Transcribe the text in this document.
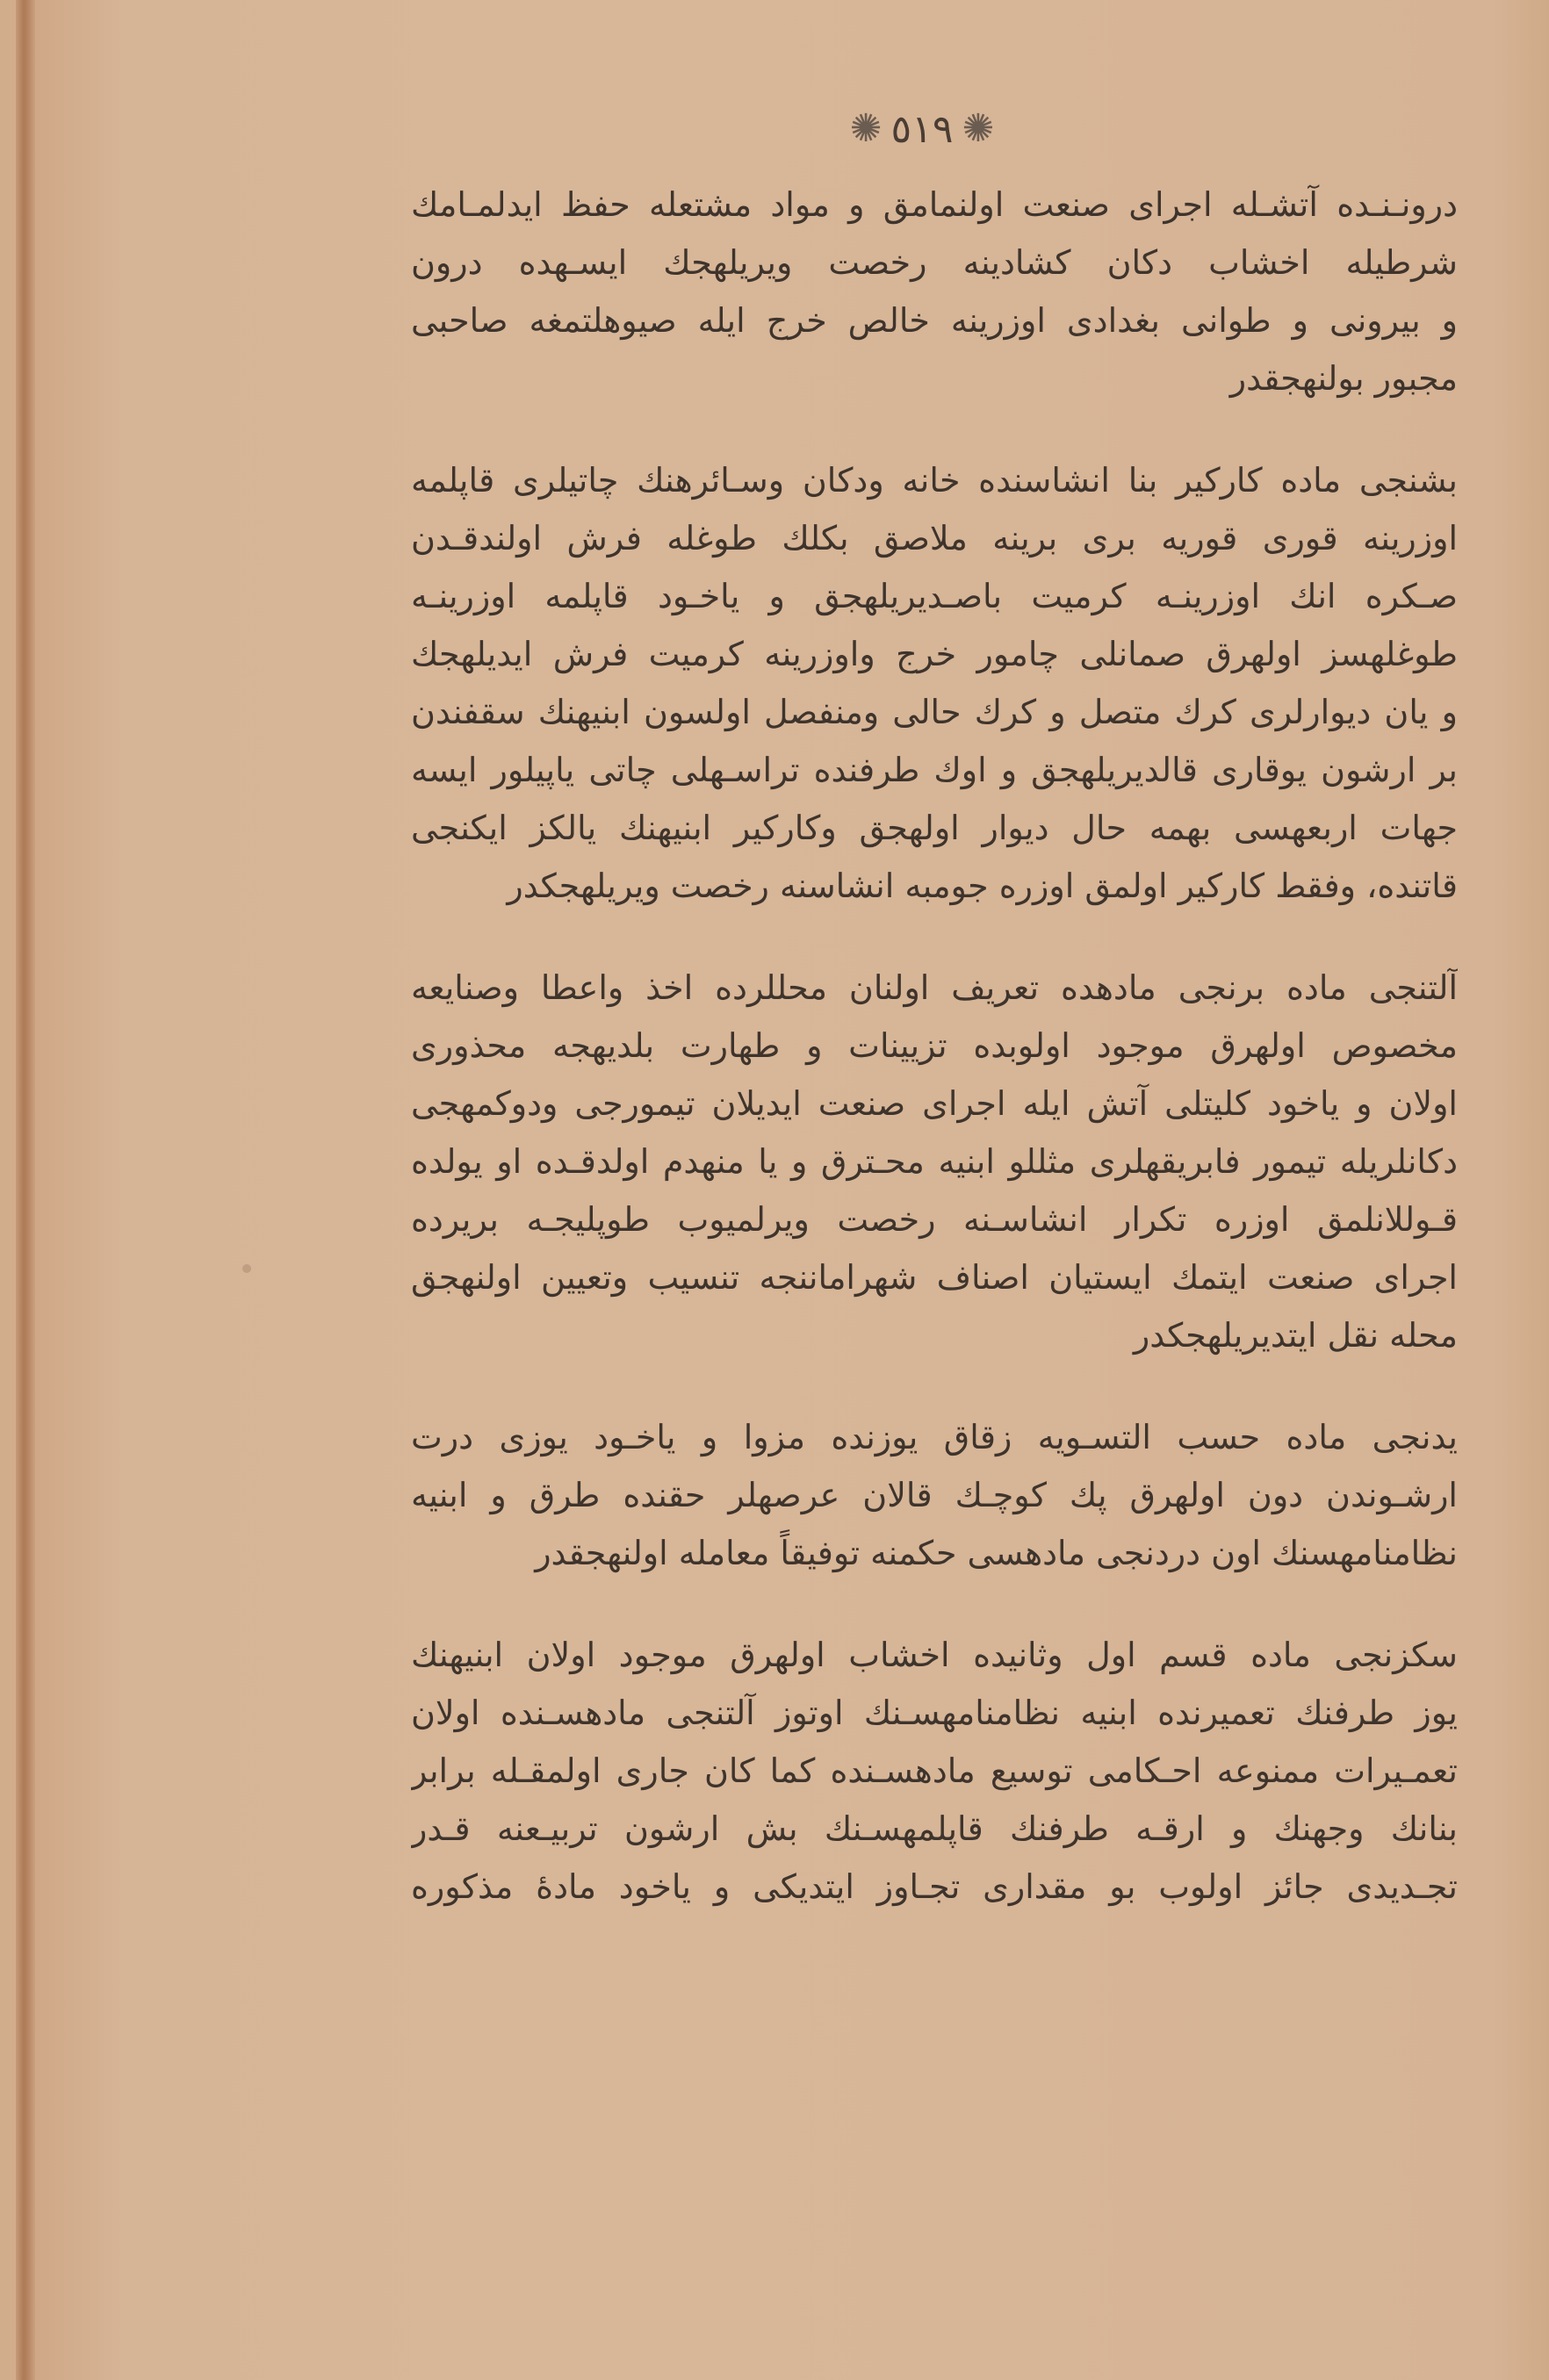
✺ ٥١٩ ✺
درونـنـده آتشـله اجرای صنعت اولنمامق و مواد مشتعله حفظ ایدلمـامك
شرطیله اخشاب دکان کشادینه رخصت ویریلهجك ایسـهده درون
و بیرونی و طوانی بغدادی اوزرینه خالص خرج ایله صیوهلتمغه صاحبی
مجبور بولنهجقدر
بشنجی ماده کارکیر بنا انشاسنده خانه ودکان وسـائرهنك چاتیلری قاپلمه
اوزرینه قوری قوریه بری برینه ملاصق بکلك طوغله فرش اولندقـدن
صـکره انك اوزرینـه کرمیت باصـدیریلهجق و یاخـود قاپلمه اوزرینـه
طوغلهسز اولهرق صمانلی چامور خرج واوزرینه کرمیت فرش ایدیلهجك
و یان دیوارلری کرك متصل و کرك حالی ومنفصل اولسون ابنیهنك سقفندن
بر ارشون یوقاری قالدیریلهجق و اوك طرفنده تراسـهلی چاتی یاپیلور ایسه
جهات اربعهسی بهمه حال دیوار اولهجق وکارکیر ابنیهنك یالکز ایکنجی
قاتنده، وفقط کارکیر اولمق اوزره جومبه انشاسنه رخصت ویریلهجکدر
آلتنجی ماده برنجی مادهده تعریف اولنان محللرده اخذ واعطا وصنایعه
مخصوص اولهرق موجود اولوبده تزیینات و طهارت بلدیهجه محذوری
اولان و یاخود کلیتلی آتش ایله اجرای صنعت ایدیلان تیمورجی ودوکمهجی
دکانلریله تیمور فابریقهلری مثللو ابنیه محـترق و یا منهدم اولدقـده او یولده
قـوللانلمق اوزره تکرار انشاسـنه رخصت ویرلمیوب طوپلیجـه بریرده
اجرای صنعت ایتمك ایستیان اصناف شهراماننجه تنسیب وتعیین اولنهجق
محله نقل ایتدیریلهجکدر
یدنجی ماده حسب التسـویه زقاق یوزنده مزوا و یاخـود یوزی درت
ارشـوندن دون اولهرق پك کوچـك قالان عرصهلر حقنده طرق و ابنیه
نظامنامهسنك اون دردنجی مادهسی حکمنه توفیقاً معامله اولنهجقدر
سکزنجی ماده قسم اول وثانیده اخشاب اولهرق موجود اولان ابنیهنك
یوز طرفنك تعمیرنده ابنیه نظامنامهسـنك اوتوز آلتنجی مادهسـنده اولان
تعمـیرات ممنوعه احـکامی توسیع مادهسـنده کما کان جاری اولمقـله برابر
بنانك وجهنك و ارقـه طرفنك قاپلمهسـنك بش ارشون تربیـعنه قـدر
تجـدیدی جائز اولوب بو مقداری تجـاوز ایتدیکی و یاخود مادهٔ مذکوره
